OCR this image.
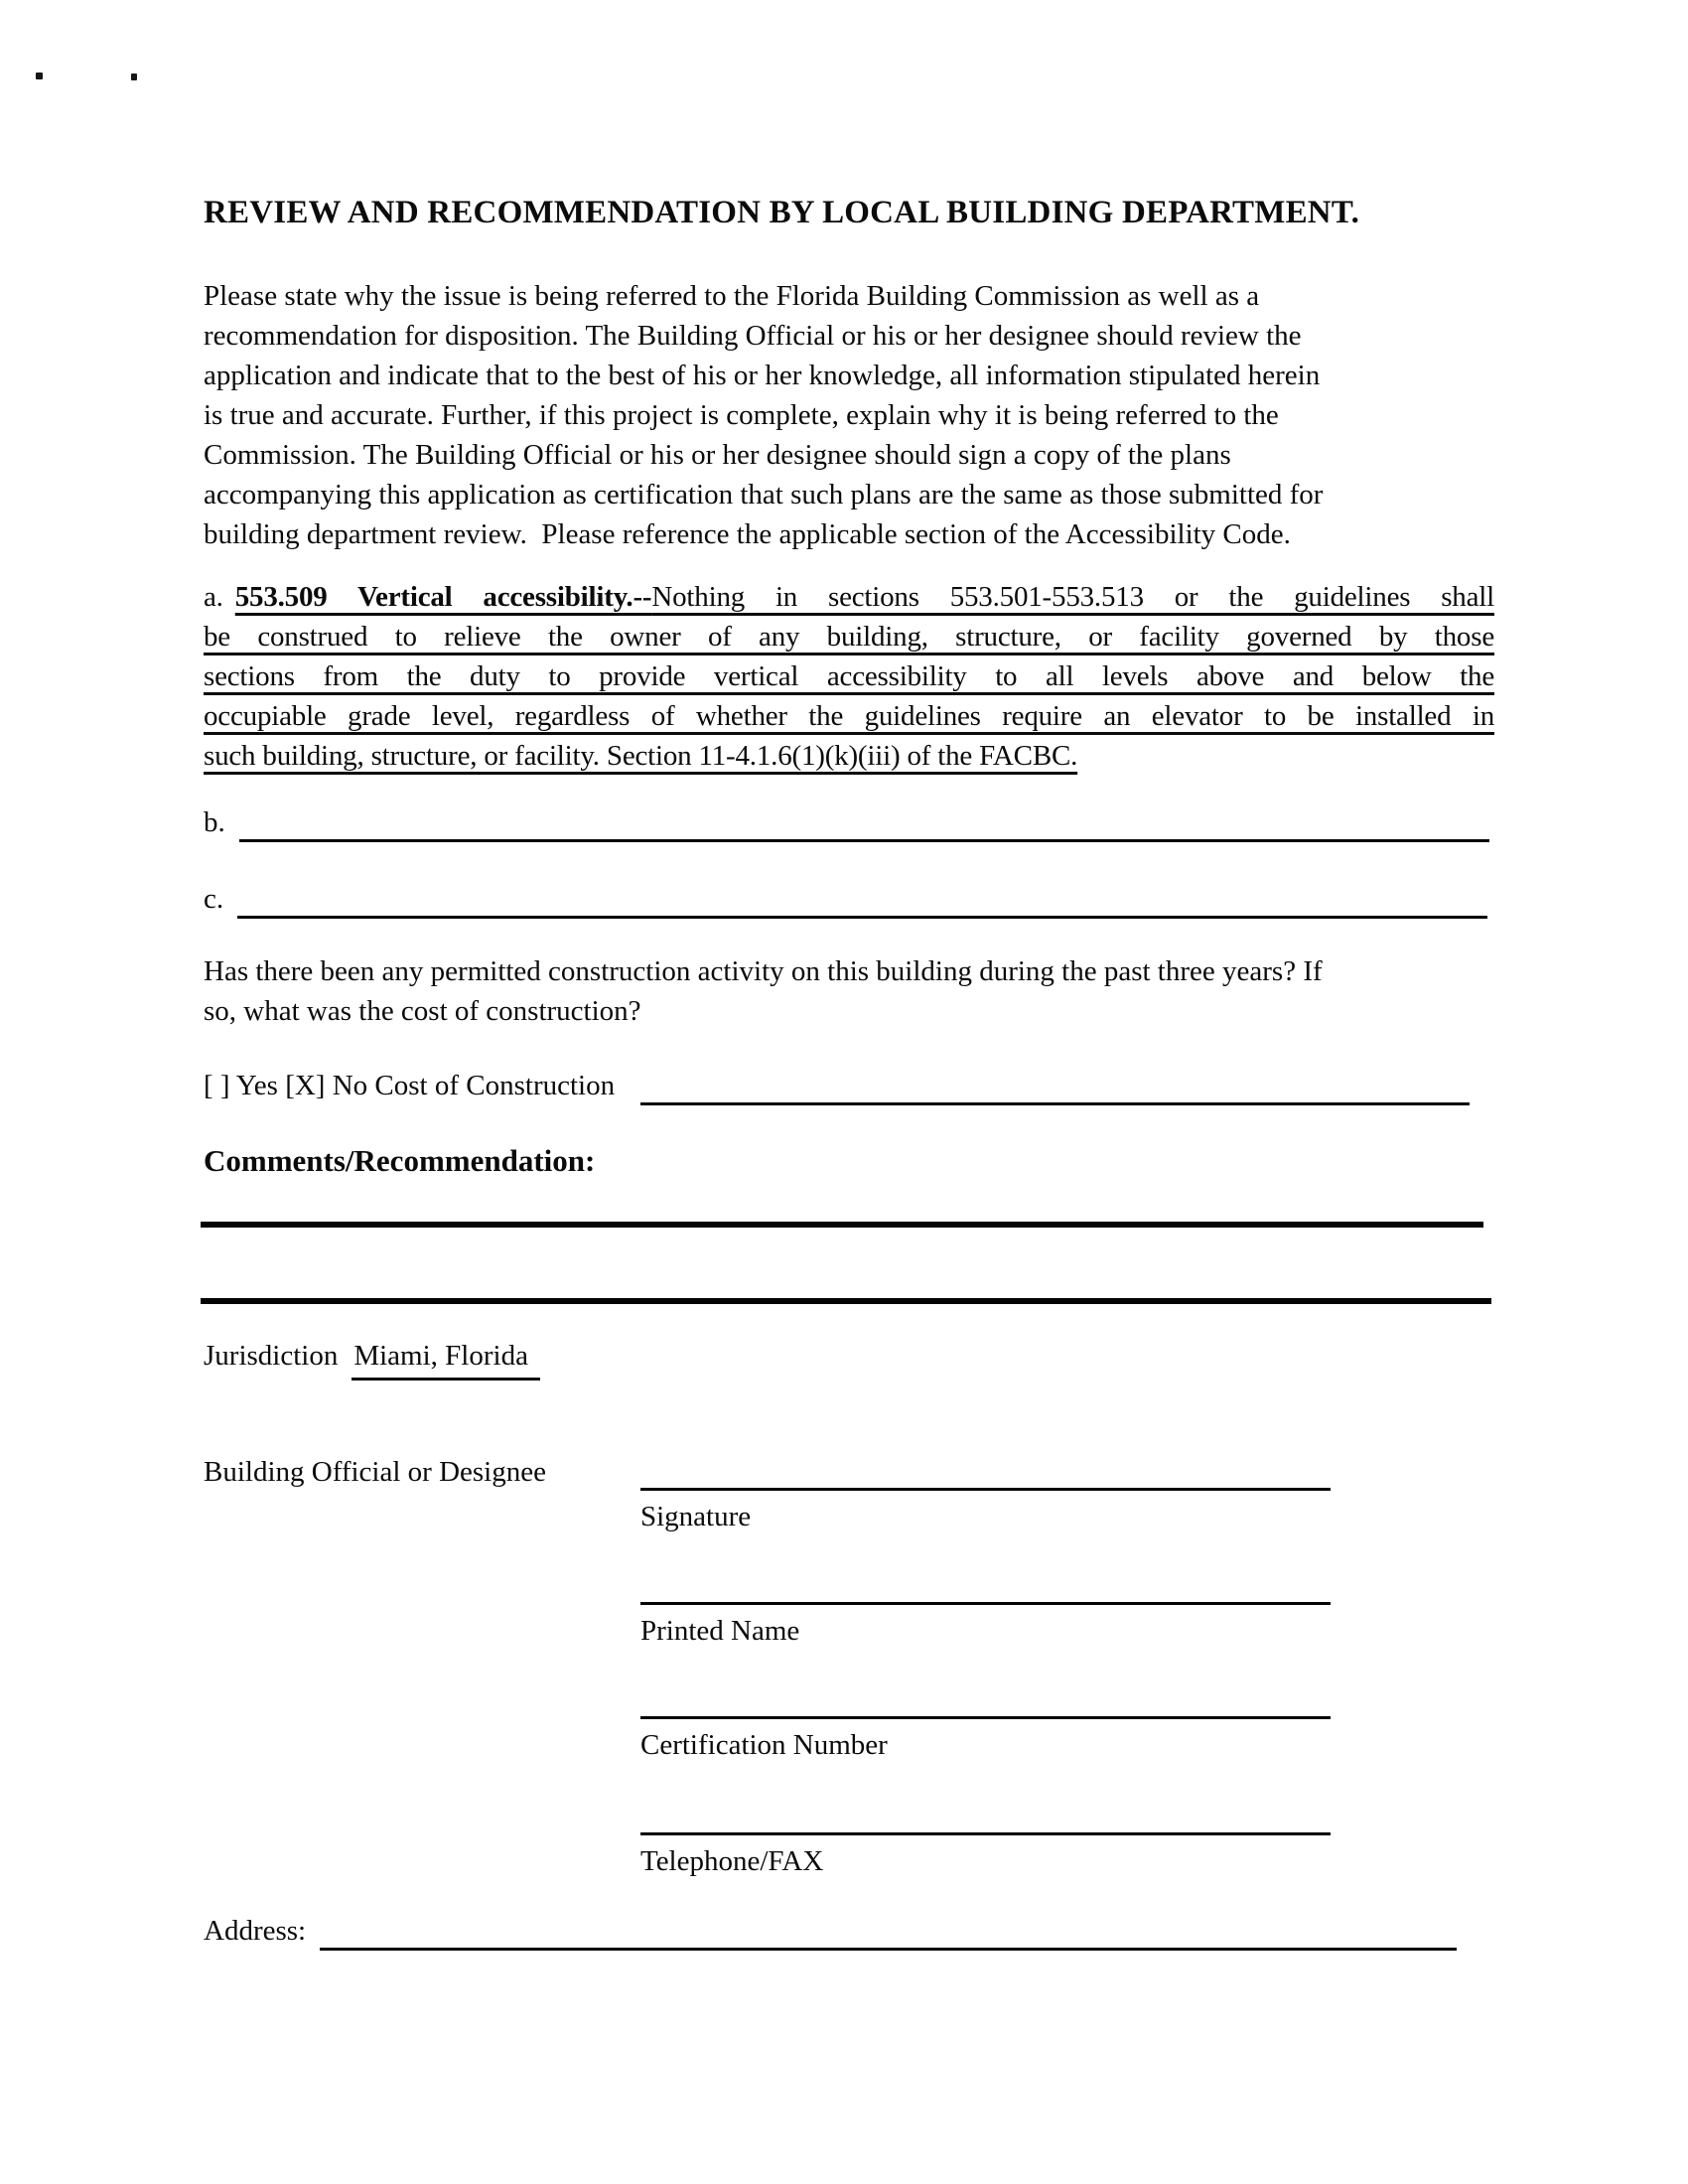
REVIEW AND RECOMMENDATION BY LOCAL BUILDING DEPARTMENT.
Please state why the issue is being referred to the Florida Building Commission as well as a
recommendation for disposition. The Building Official or his or her designee should review the
application and indicate that to the best of his or her knowledge, all information stipulated herein
is true and accurate. Further, if this project is complete, explain why it is being referred to the
Commission. The Building Official or his or her designee should sign a copy of the plans
accompanying this application as certification that such plans are the same as those submitted for
building department review.  Please reference the applicable section of the Accessibility Code.
a. 553.509 Vertical accessibility.--Nothing in sections 553.501-553.513 or the guidelines shall
be construed to relieve the owner of any building, structure, or facility governed by those
sections from the duty to provide vertical accessibility to all levels above and below the
occupiable grade level, regardless of whether the guidelines require an elevator to be installed in
such building, structure, or facility. Section 11-4.1.6(1)(k)(iii) of the FACBC.
b.
c.
Has there been any permitted construction activity on this building during the past three years? If
so, what was the cost of construction?
[ ] Yes [X] No Cost of Construction
Comments/Recommendation:
Jurisdiction Miami, Florida
Building Official or Designee
Signature
Printed Name
Certification Number
Telephone/FAX
Address:
